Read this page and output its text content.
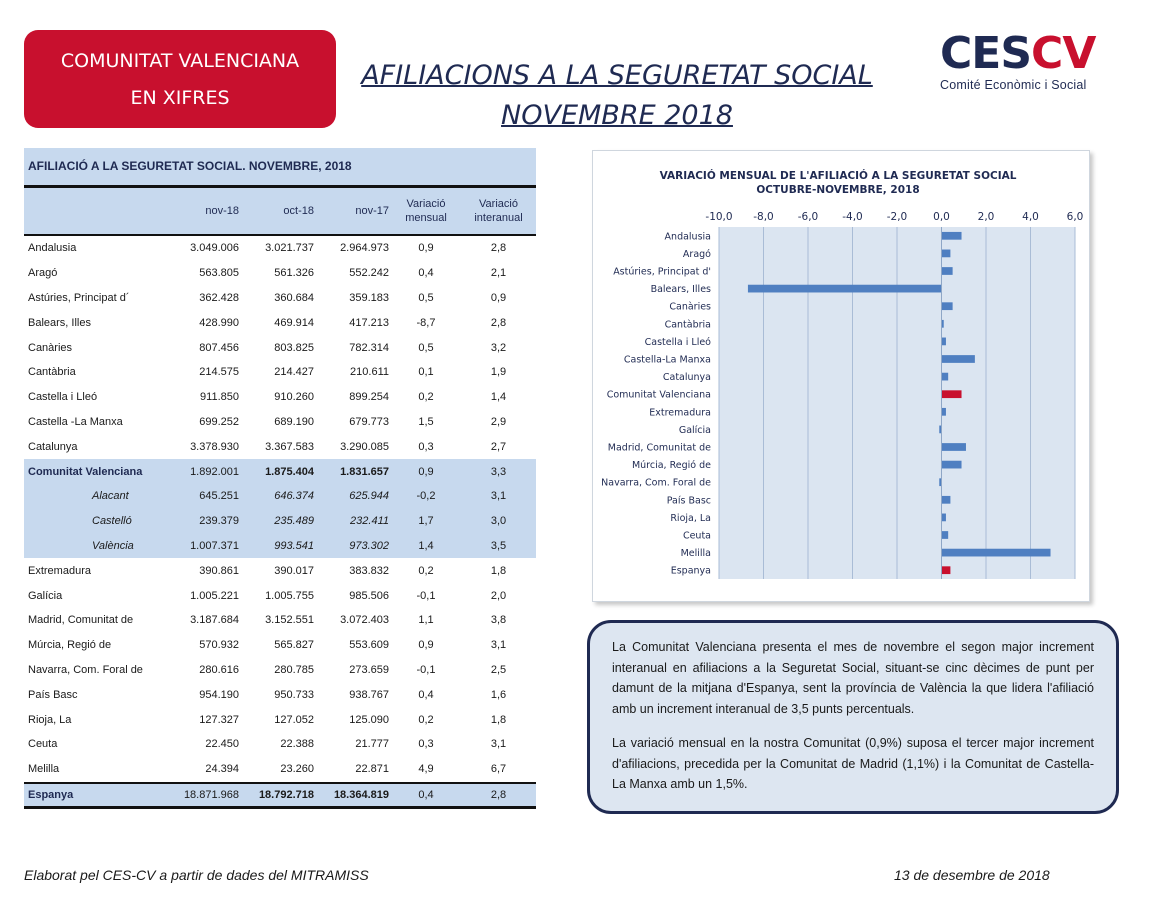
COMUNITAT VALENCIANA
EN XIFRES
AFILIACIONS A LA SEGURETAT SOCIAL
NOVEMBRE 2018
CESCV
Comité Econòmic i Social
AFILIACIÓ A LA SEGURETAT SOCIAL. NOVEMBRE, 2018
nov-18	oct-18	nov-17
Variació mensual
Variació interanual
Andalusia	3.049.006	3.021.737	2.964.973	0,9	2,8
Aragó	563.805	561.326	552.242	0,4	2,1
Astúries, Principat d´	362.428	360.684	359.183	0,5	0,9
Balears, Illes	428.990	469.914	417.213	-8,7	2,8
Canàries	807.456	803.825	782.314	0,5	3,2
Cantàbria	214.575	214.427	210.611	0,1	1,9
Castella i Lleó	911.850	910.260	899.254	0,2	1,4
Castella -La Manxa	699.252	689.190	679.773	1,5	2,9
Catalunya	3.378.930	3.367.583	3.290.085	0,3	2,7
Comunitat Valenciana	1.892.001	1.875.404	1.831.657	0,9	3,3
Alacant	645.251	646.374	625.944	-0,2	3,1
Castelló	239.379	235.489	232.411	1,7	3,0
València	1.007.371	993.541	973.302	1,4	3,5
Extremadura	390.861	390.017	383.832	0,2	1,8
Galícia	1.005.221	1.005.755	985.506	-0,1	2,0
Madrid, Comunitat de	3.187.684	3.152.551	3.072.403	1,1	3,8
Múrcia, Regió de	570.932	565.827	553.609	0,9	3,1
Navarra, Com. Foral de	280.616	280.785	273.659	-0,1	2,5
País Basc	954.190	950.733	938.767	0,4	1,6
Rioja, La	127.327	127.052	125.090	0,2	1,8
Ceuta	22.450	22.388	21.777	0,3	3,1
Melilla	24.394	23.260	22.871	4,9	6,7
Espanya	18.871.968	18.792.718	18.364.819	0,4	2,8
VARIACIÓ MENSUAL DE L'AFILIACIÓ A LA SEGURETAT SOCIAL
OCTUBRE-NOVEMBRE, 2018
-10,0 -8,0 -6,0 -4,0 -2,0 0,0	2,0	4,0	6,0
Andalusia
Aragó
Astúries, Principat d'
Balears, Illes
Canàries
Cantàbria
Castella i Lleó
Castella-La Manxa
Catalunya
Comunitat Valenciana
Extremadura
Galícia
Madrid, Comunitat de
Múrcia, Regió de
Navarra, Com. Foral de
País Basc
Rioja, La
Ceuta
Melilla
Espanya

La Comunitat Valenciana presenta el mes de novembre el segon major increment interanual en afiliacions a la Seguretat Social, situant-se cinc dècimes de punt per damunt de la mitjana d'Espanya, sent la província de València la que lidera l'afiliació amb un increment interanual de 3,5 punts percentuals.

La variació mensual en la nostra Comunitat (0,9%) suposa el tercer major increment d'afiliacions, precedida per la Comunitat de Madrid (1,1%) i la Comunitat de Castella- La Manxa amb un 1,5%.

Elaborat pel CES-CV a partir de dades del MITRAMISS	13 de desembre de 2018
